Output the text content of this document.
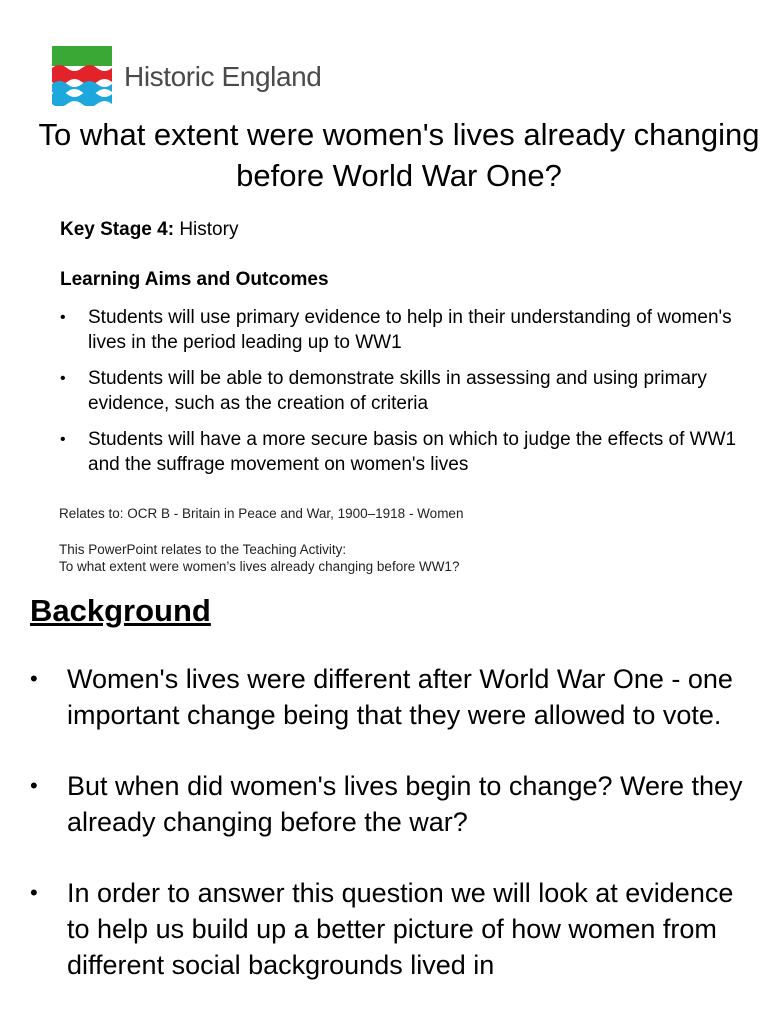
Historic England
To what extent were women's lives already changing before World War One?

Key Stage 4: History

Learning Aims and Outcomes
• Students will use primary evidence to help in their understanding of women's lives in the period leading up to WW1
• Students will be able to demonstrate skills in assessing and using primary evidence, such as the creation of criteria
• Students will have a more secure basis on which to judge the effects of WW1 and the suffrage movement on women's lives

Relates to: OCR B - Britain in Peace and War, 1900–1918 - Women

This PowerPoint relates to the Teaching Activity:
To what extent were women’s lives already changing before WW1?

Background
• Women's lives were different after World War One - one important change being that they were allowed to vote.
• But when did women's lives begin to change? Were they already changing before the war?
• In order to answer this question we will look at evidence to help us build up a better picture of how women from different social backgrounds lived in
